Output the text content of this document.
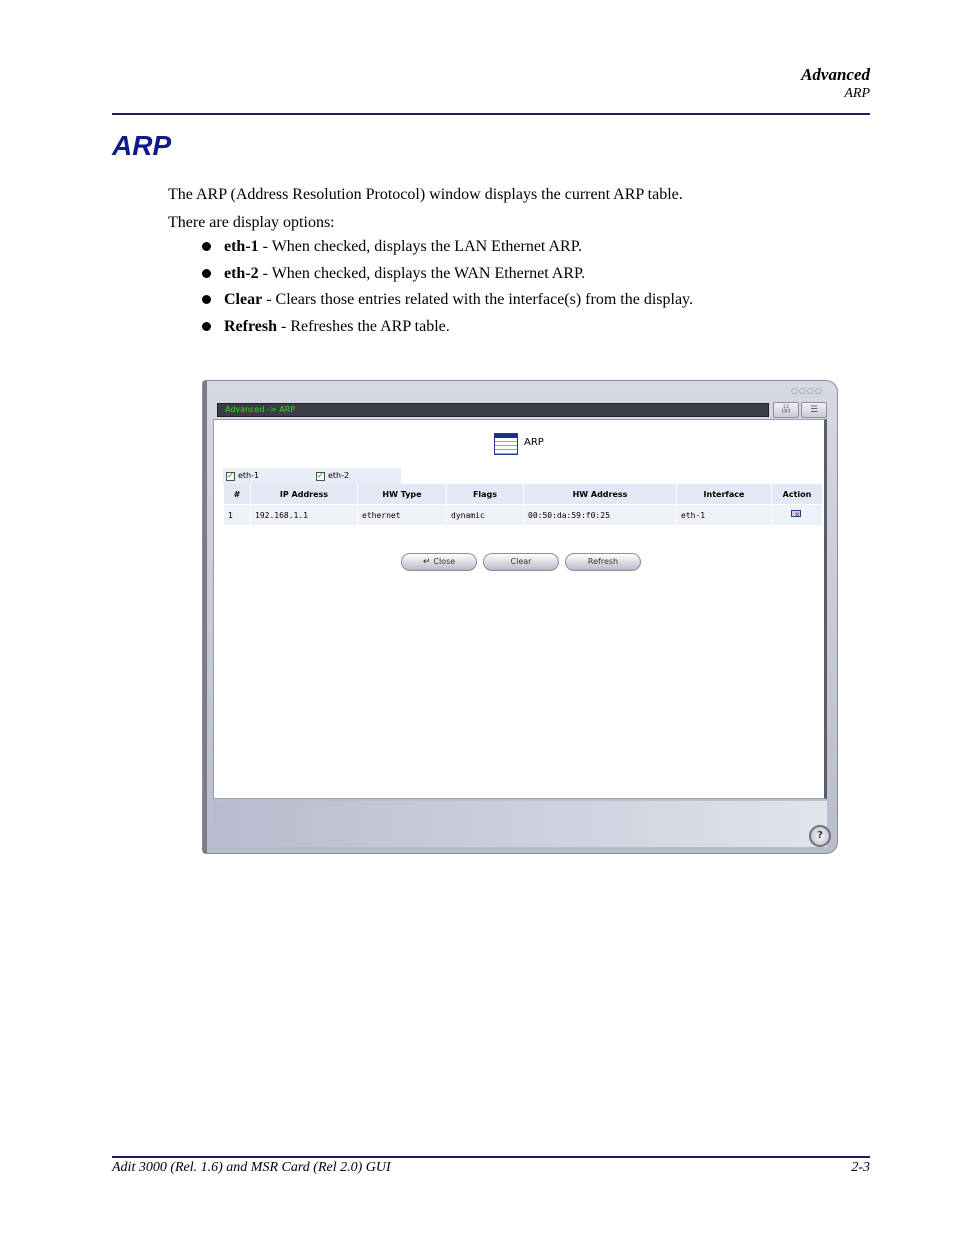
Advanced
ARP
ARP

The ARP (Address Resolution Protocol) window displays the current ARP table.

There are display options:

eth-1 - When checked, displays the LAN Ethernet ARP.
eth-2 - When checked, displays the WAN Ethernet ARP.
Clear - Clears those entries related with the interface(s) from the display.
Refresh - Refreshes the ARP table.
○○○○
Advanced -> ARP	品	☰
ARP
✓ eth-1	✓ eth-2
#	IP Address	HW Type	Flags	HW Address	Interface	Action
1	192.168.1.1	ethernet	dynamic	00:50:da:59:f0:25	eth-1	✕
↵ Close	Clear	Refresh
?
Adit 3000 (Rel. 1.6) and MSR Card (Rel 2.0) GUI	2-3
